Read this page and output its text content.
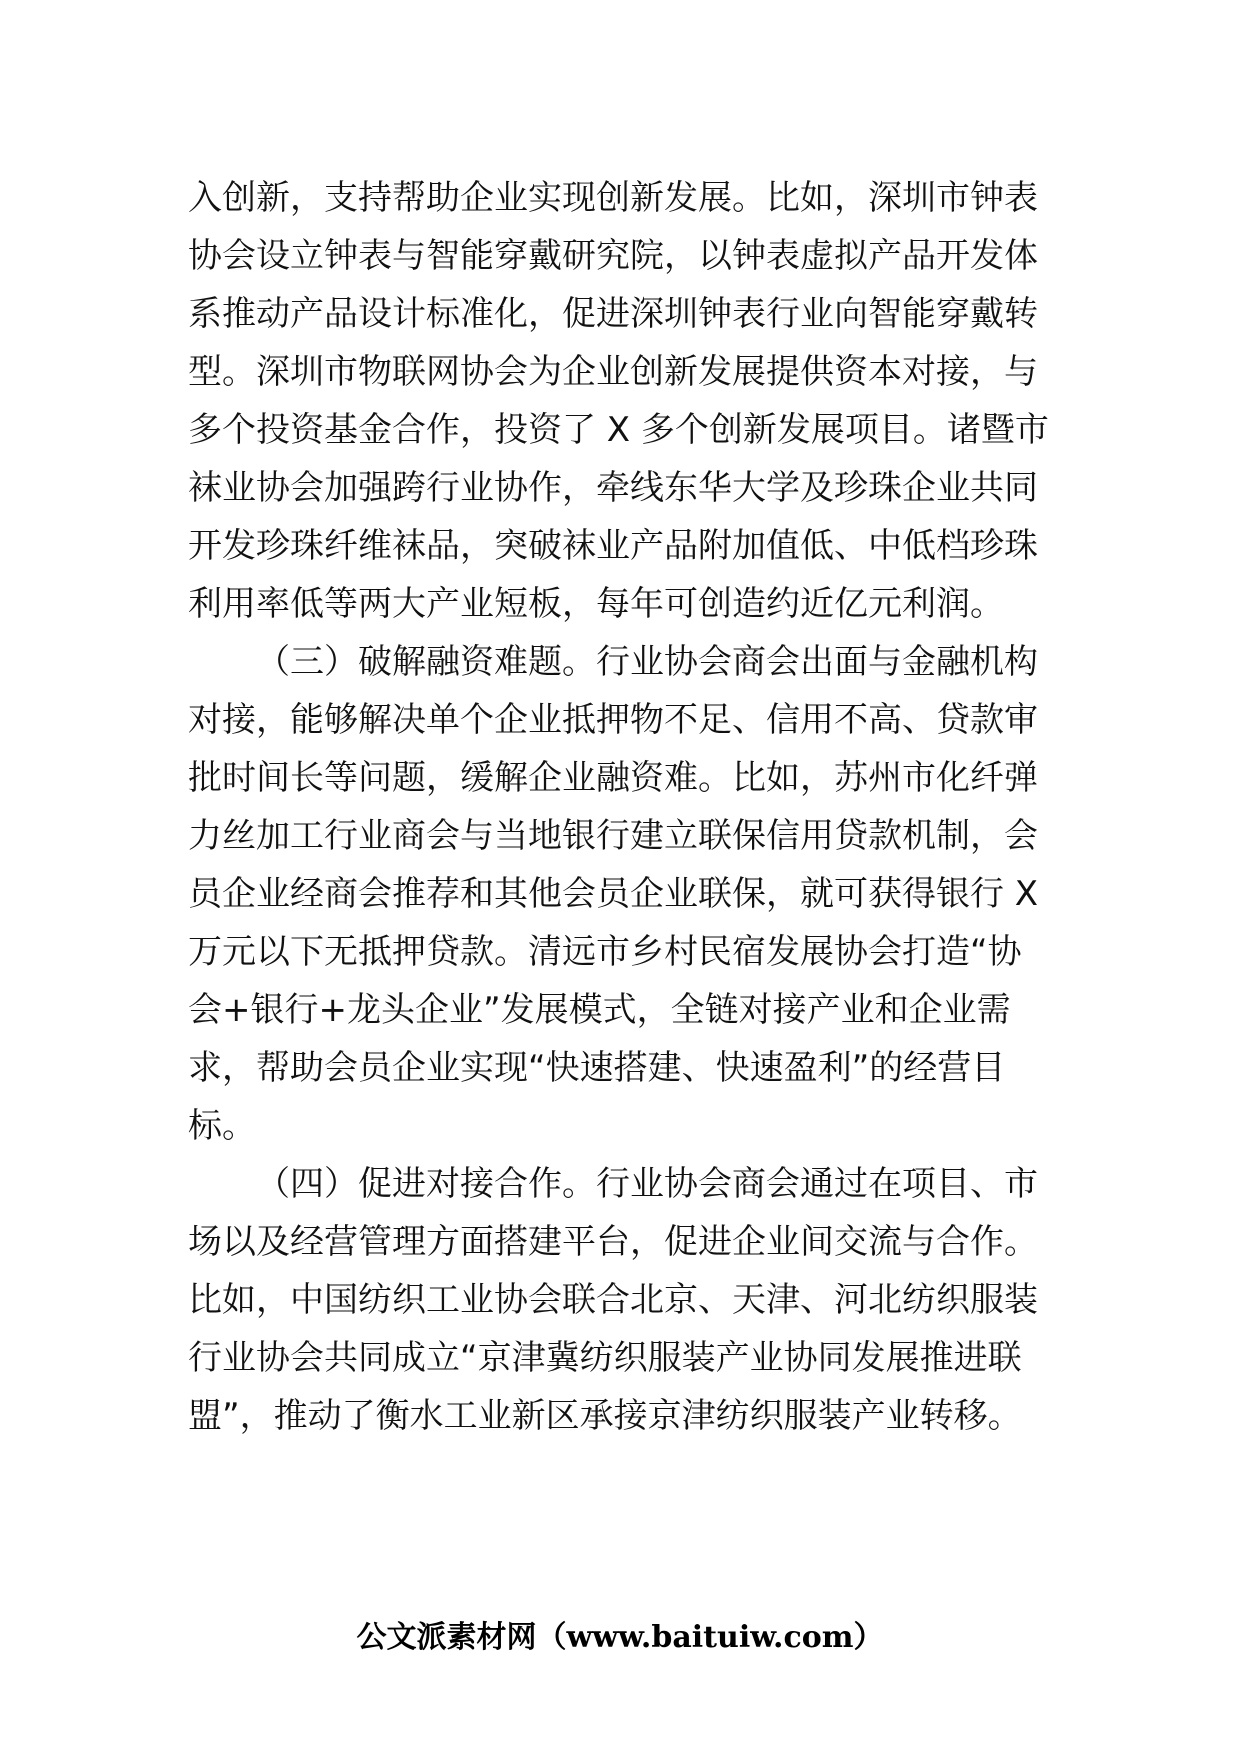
入创新，支持帮助企业实现创新发展。比如，深圳市钟表
协会设立钟表与智能穿戴研究院，以钟表虚拟产品开发体
系推动产品设计标准化，促进深圳钟表行业向智能穿戴转
型。深圳市物联网协会为企业创新发展提供资本对接，与
多个投资基金合作，投资了 X 多个创新发展项目。诸暨市
袜业协会加强跨行业协作，牵线东华大学及珍珠企业共同
开发珍珠纤维袜品，突破袜业产品附加值低、中低档珍珠
利用率低等两大产业短板，每年可创造约近亿元利润。
（三）破解融资难题。行业协会商会出面与金融机构
对接，能够解决单个企业抵押物不足、信用不高、贷款审
批时间长等问题，缓解企业融资难。比如，苏州市化纤弹
力丝加工行业商会与当地银行建立联保信用贷款机制，会
员企业经商会推荐和其他会员企业联保，就可获得银行 X
万元以下无抵押贷款。清远市乡村民宿发展协会打造“协
会+银行+龙头企业”发展模式，全链对接产业和企业需
求，帮助会员企业实现“快速搭建、快速盈利”的经营目
标。
（四）促进对接合作。行业协会商会通过在项目、市
场以及经营管理方面搭建平台，促进企业间交流与合作。
比如，中国纺织工业协会联合北京、天津、河北纺织服装
行业协会共同成立“京津冀纺织服装产业协同发展推进联
盟”，推动了衡水工业新区承接京津纺织服装产业转移。
公文派素材网（www.baituiw.com）
